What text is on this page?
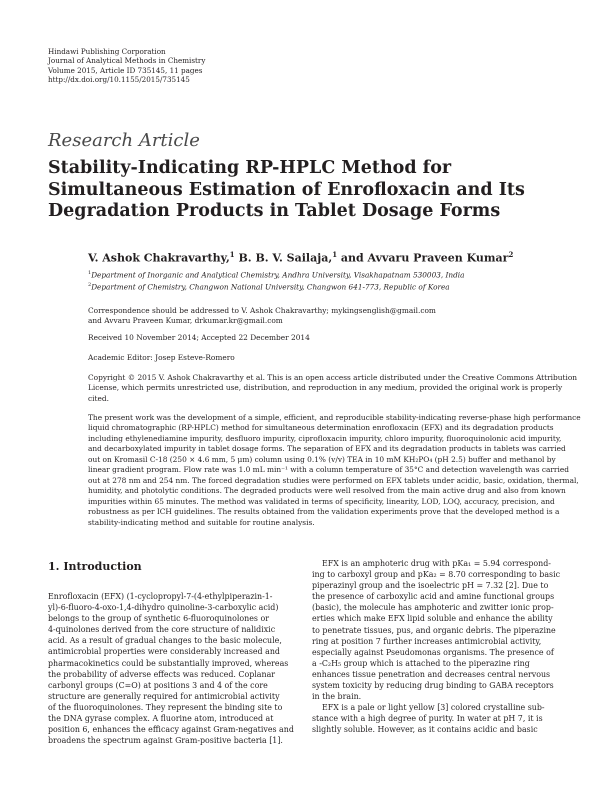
Hindawi Publishing Corporation
Journal of Analytical Methods in Chemistry
Volume 2015, Article ID 735145, 11 pages
http://dx.doi.org/10.1155/2015/735145
Research Article
Stability-Indicating RP-HPLC Method for
Simultaneous Estimation of Enrofloxacin and Its
Degradation Products in Tablet Dosage Forms
V. Ashok Chakravarthy,$^1$ B. B. V. Sailaja,$^1$ and Avvaru Praveen Kumar$^2$
$^1$Department of Inorganic and Analytical Chemistry, Andhra University, Visakhapatnam 530003, India
$^2$Department of Chemistry, Changwon National University, Changwon 641-773, Republic of Korea
Correspondence should be addressed to V. Ashok Chakravarthy; mykingsenglish@gmail.com
and Avvaru Praveen Kumar, drkumar.kr@gmail.com
Received 10 November 2014; Accepted 22 December 2014
Academic Editor: Josep Esteve-Romero
Copyright © 2015 V. Ashok Chakravarthy et al. This is an open access article distributed under the Creative Commons Attribution
License, which permits unrestricted use, distribution, and reproduction in any medium, provided the original work is properly
cited.
The present work was the development of a simple, efficient, and reproducible stability-indicating reverse-phase high performance
liquid chromatographic (RP-HPLC) method for simultaneous determination enrofloxacin (EFX) and its degradation products
including ethylenediamine impurity, desfluoro impurity, ciprofloxacin impurity, chloro impurity, fluoroquinolonic acid impurity,
and decarboxylated impurity in tablet dosage forms. The separation of EFX and its degradation products in tablets was carried
out on Kromasil C-18 (250 × 4.6 mm, 5 μm) column using 0.1% (v/v) TEA in 10 mM KH₂PO₄ (pH 2.5) buffer and methanol by
linear gradient program. Flow rate was 1.0 mL min⁻¹ with a column temperature of 35°C and detection wavelength was carried
out at 278 nm and 254 nm. The forced degradation studies were performed on EFX tablets under acidic, basic, oxidation, thermal,
humidity, and photolytic conditions. The degraded products were well resolved from the main active drug and also from known
impurities within 65 minutes. The method was validated in terms of specificity, linearity, LOD, LOQ, accuracy, precision, and
robustness as per ICH guidelines. The results obtained from the validation experiments prove that the developed method is a
stability-indicating method and suitable for routine analysis.
1. Introduction
Enrofloxacin (EFX) (1-cyclopropyl-7-(4-ethylpiperazin-1-
yl)-6-fluoro-4-oxo-1,4-dihydro quinoline-3-carboxylic acid)
belongs to the group of synthetic 6-fluoroquinolones or
4-quinolones derived from the core structure of nalidixic
acid. As a result of gradual changes to the basic molecule,
antimicrobial properties were considerably increased and
pharmacokinetics could be substantially improved, whereas
the probability of adverse effects was reduced. Coplanar
carbonyl groups (C=O) at positions 3 and 4 of the core
structure are generally required for antimicrobial activity
of the fluoroquinolones. They represent the binding site to
the DNA gyrase complex. A fluorine atom, introduced at
position 6, enhances the efficacy against Gram-negatives and
broadens the spectrum against Gram-positive bacteria [1].
EFX is an amphoteric drug with pKa₁ = 5.94 correspond-
ing to carboxyl group and pKa₂ = 8.70 corresponding to basic
piperazinyl group and the isoelectric pH = 7.32 [2]. Due to
the presence of carboxylic acid and amine functional groups
(basic), the molecule has amphoteric and zwitter ionic prop-
erties which make EFX lipid soluble and enhance the ability
to penetrate tissues, pus, and organic debris. The piperazine
ring at position 7 further increases antimicrobial activity,
especially against Pseudomonas organisms. The presence of
a -C₂H₅ group which is attached to the piperazine ring
enhances tissue penetration and decreases central nervous
system toxicity by reducing drug binding to GABA receptors
in the brain.
EFX is a pale or light yellow [3] colored crystalline sub-
stance with a high degree of purity. In water at pH 7, it is
slightly soluble. However, as it contains acidic and basic
